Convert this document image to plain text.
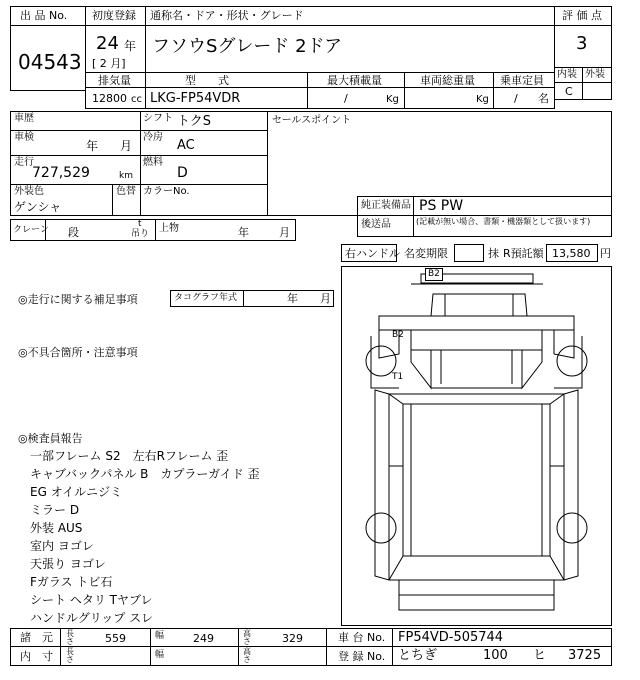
出 品 No.
04543
初度登録 通称名・ドア・形状・グレード
24 年
[ 2 月]
フソウSグレード 2ドア
評 価 点
3
内装 外装
C
排気量	型　　式	最大積載量	車両総重量 乗車定員
12800 cc LKG-FP54VDR	/	Kg	Kg / 名
車歴	シフト トクS	セールスポイント
車検
年 月
冷房
AC
走行
727,529	km
燃料
D
外装色
ゲンシャ
色替 カラーNo.
純正装備品 PS PW
後送品	(記載が無い場合、書類・機器類として扱います)
クレーン 段
t
吊り 上物	年	月
右ハンドル 名変期限	抹 R預託額 13,580 円
◎走行に関する補足事項	タコグラフ年式	年 月
◎不具合箇所・注意事項
◎検査員報告
一部フレーム S2　左右Rフレーム 歪
キャブバックパネル B　カプラーガイド 歪
EG オイルニジミ
ミラー D
外装 AUS
室内 ヨゴレ
天張り ヨゴレ
Fガラス トビ石
シート ヘタリ Tヤブレ
ハンドルグリップ スレ
B2
B2
T1
諸　元 長さ	559	幅	249	高さ	329	車 台 No. FP54VD-505744
内　寸 長さ	幅	高さ	登 録 No. とちぎ	100 ヒ 3725
